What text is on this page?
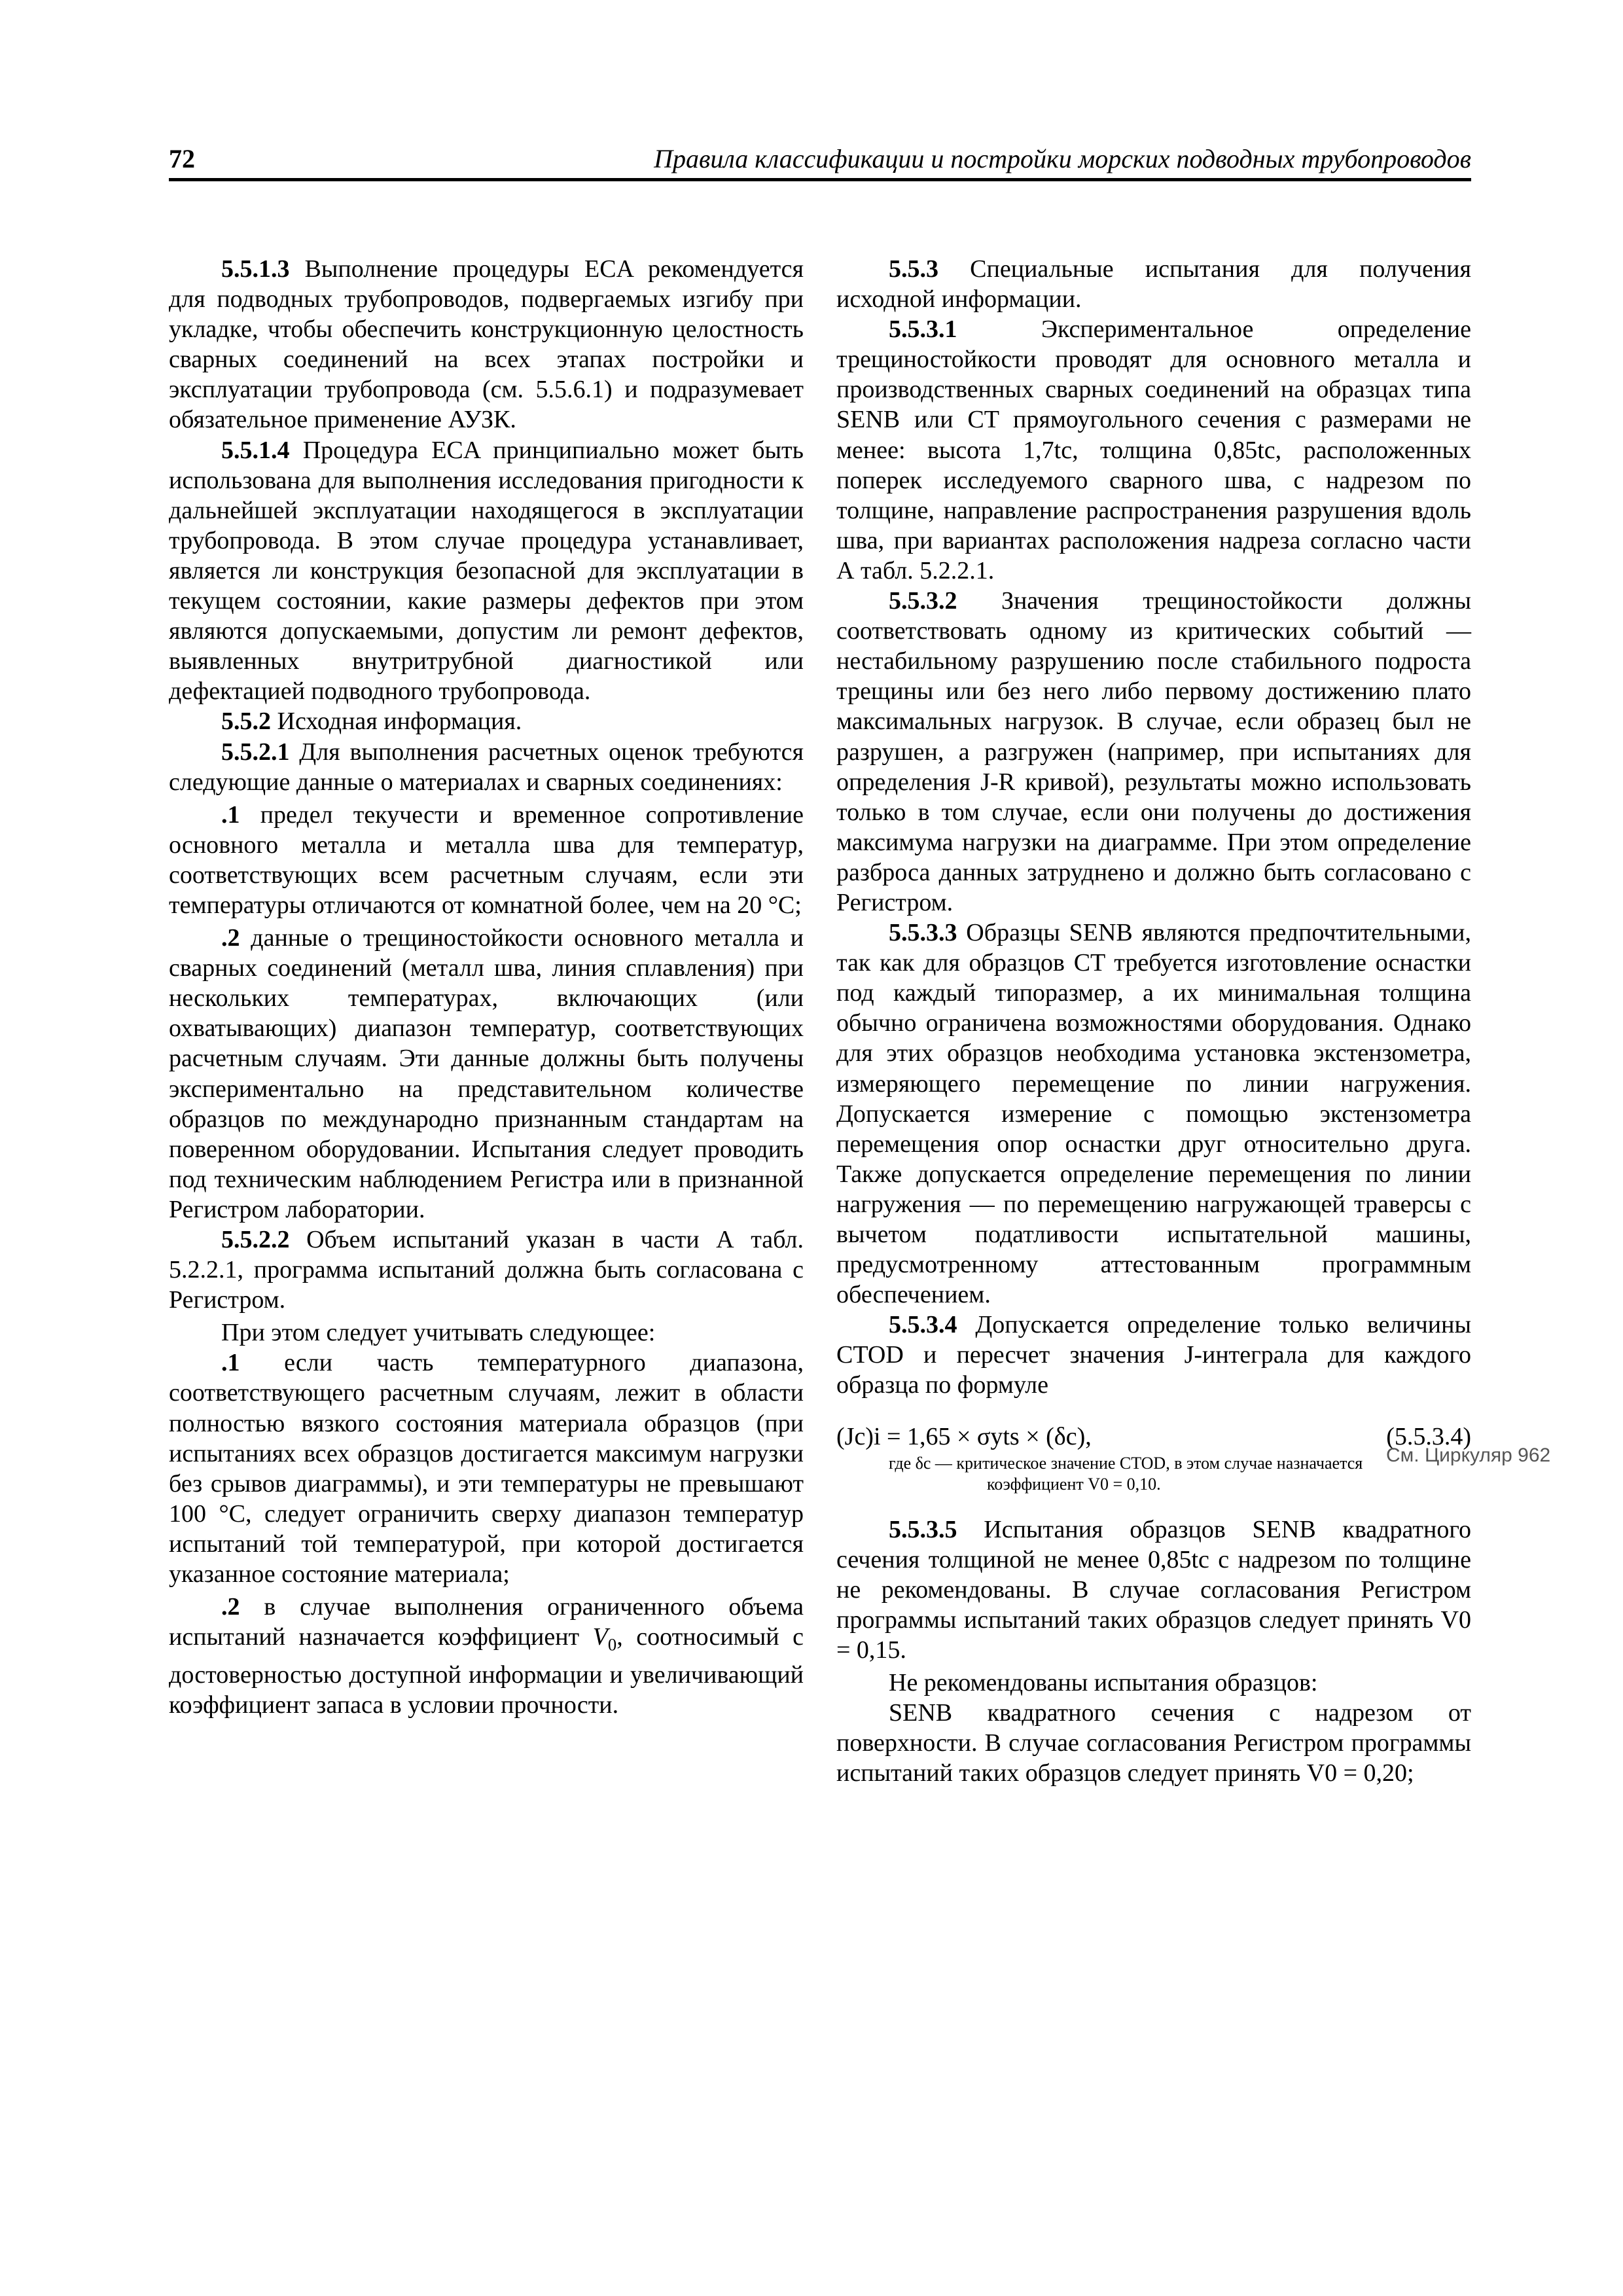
72	Правила классификации и постройки морских подводных трубопроводов

5.5.1.3 Выполнение процедуры ECA рекомендуется для подводных трубопроводов, подвергаемых изгибу при укладке, чтобы обеспечить конструкционную целостность сварных соединений на всех этапах постройки и эксплуатации трубопровода (см. 5.5.6.1) и подразумевает обязательное применение АУЗК.

5.5.1.4 Процедура ECA принципиально может быть использована для выполнения исследования пригодности к дальнейшей эксплуатации находящегося в эксплуатации трубопровода. В этом случае процедура устанавливает, является ли конструкция безопасной для эксплуатации в текущем состоянии, какие размеры дефектов при этом являются допускаемыми, допустим ли ремонт дефектов, выявленных внутритрубной диагностикой или дефектацией подводного трубопровода.

5.5.2 Исходная информация.

5.5.2.1 Для выполнения расчетных оценок требуются следующие данные о материалах и сварных соединениях:

.1 предел текучести и временное сопротивление основного металла и металла шва для температур, соответствующих всем расчетным случаям, если эти температуры отличаются от комнатной более, чем на 20 °C;

.2 данные о трещиностойкости основного металла и сварных соединений (металл шва, линия сплавления) при нескольких температурах, включающих (или охватывающих) диапазон температур, соответствующих расчетным случаям. Эти данные должны быть получены экспериментально на представительном количестве образцов по международно признанным стандартам на поверенном оборудовании. Испытания следует проводить под техническим наблюдением Регистра или в признанной Регистром лаборатории.

5.5.2.2 Объем испытаний указан в части А табл. 5.2.2.1, программа испытаний должна быть согласована с Регистром.

При этом следует учитывать следующее:

.1 если часть температурного диапазона, соответствующего расчетным случаям, лежит в области полностью вязкого состояния материала образцов (при испытаниях всех образцов достигается максимум нагрузки без срывов диаграммы), и эти температуры не превышают 100 °C, следует ограничить сверху диапазон температур испытаний той температурой, при которой достигается указанное состояние материала;

.2 в случае выполнения ограниченного объема испытаний назначается коэффициент $V_0$, соотносимый с достоверностью доступной информации и увеличивающий коэффициент запаса в условии прочности.

5.5.3 Специальные испытания для получения исходной информации.

5.5.3.1 Экспериментальное определение трещиностойкости проводят для основного металла и производственных сварных соединений на образцах типа SENB или CT прямоугольного сечения с размерами не менее: высота 1,7tc, толщина 0,85tc, расположенных поперек исследуемого сварного шва, с надрезом по толщине, направление распространения разрушения вдоль шва, при вариантах расположения надреза согласно части А табл. 5.2.2.1.

5.5.3.2 Значения трещиностойкости должны соответствовать одному из критических событий — нестабильному разрушению после стабильного подроста трещины или без него либо первому достижению плато максимальных нагрузок. В случае, если образец был не разрушен, а разгружен (например, при испытаниях для определения J-R кривой), результаты можно использовать только в том случае, если они получены до достижения максимума нагрузки на диаграмме. При этом определение разброса данных затруднено и должно быть согласовано с Регистром.

5.5.3.3 Образцы SENB являются предпочтительными, так как для образцов CT требуется изготовление оснастки под каждый типоразмер, а их минимальная толщина обычно ограничена возможностями оборудования. Однако для этих образцов необходима установка экстензометра, измеряющего перемещение по линии нагружения. Допускается измерение с помощью экстензометра перемещения опор оснастки друг относительно друга. Также допускается определение перемещения по линии нагружения — по перемещению нагружающей траверсы с вычетом податливости испытательной машины, предусмотренному аттестованным программным обеспечением.

5.5.3.4 Допускается определение только величины CTOD и пересчет значения J-интеграла для каждого образца по формуле

(Jc)i = 1,65 × σyts × (δc),	(5.5.3.4)

где δc — критическое значение CTOD, в этом случае назначается
коэффициент V0 = 0,10.

5.5.3.5 Испытания образцов SENB квадратного сечения толщиной не менее 0,85tc с надрезом по толщине не рекомендованы. В случае согласования Регистром программы испытаний таких образцов следует принять V0 = 0,15.

Не рекомендованы испытания образцов:

SENB квадратного сечения с надрезом от поверхности. В случае согласования Регистром программы испытаний таких образцов следует принять V0 = 0,20;

См. Циркуляр 962
